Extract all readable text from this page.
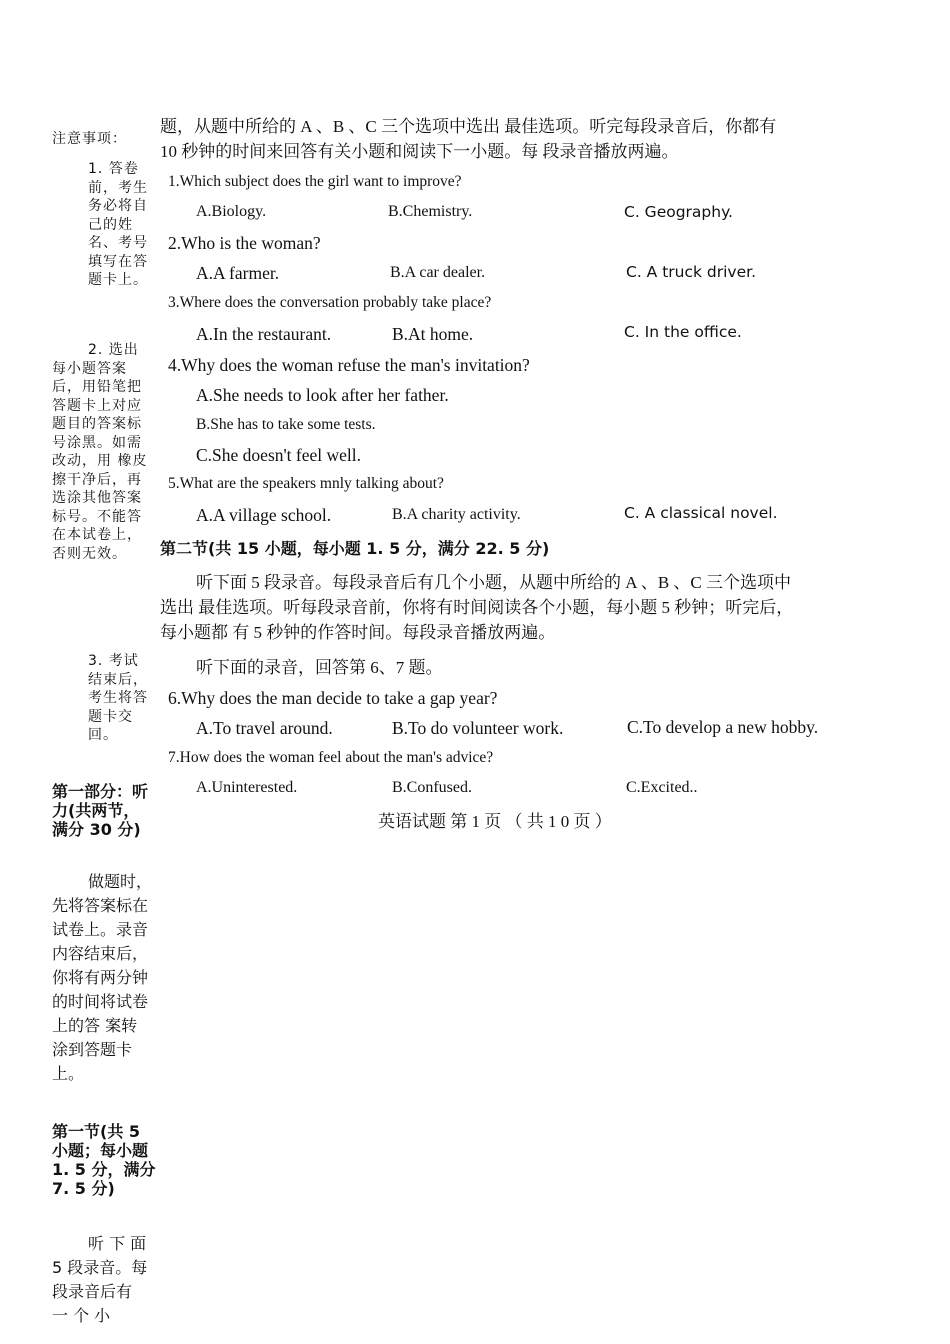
注意事项：
1. 答卷前，考生务必将自己的姓名、考号填写在答题卡上。
2. 选出每小题答案后，用铅笔把答题卡上对应题目的答案标号涂黑。如需改动，用 橡皮擦干净后，再选涂其他答案标号。不能答在本试卷上，否则无效。
3. 考试结束后，考生将答题卡交回。
第一部分：听力(共两节，满分 30 分)
做题时，先将答案标在试卷上。录音内容结束后，你将有两分钟的时间将试卷上的答 案转涂到答题卡上。
第一节(共 5 小题；每小题 1. 5 分，满分 7. 5 分)
听 下 面 5 段录音。每段录音后有 一 个 小
题，从题中所给的 A 、B 、C 三个选项中选出 最佳选项。听完每段录音后，你都有
10 秒钟的时间来回答有关小题和阅读下一小题。每 段录音播放两遍。
1.Which subject does the girl want to improve?
A.Biology.	B.Chemistry.	C. Geography.
2.Who is the woman?
A.A farmer.	B.A car dealer.	C. A truck driver.
3.Where does the conversation probably take place?
A.In the restaurant.	B.At home.	C. In the office.
4.Why does the woman refuse the man's invitation?
A.She needs to look after her father.
B.She has to take some tests.
C.She doesn't feel well.
5.What are the speakers mnly talking about?
A.A village school.	B.A charity activity.	C. A classical novel.
第二节(共 15 小题，每小题 1. 5 分，满分 22. 5 分)
听下面 5 段录音。每段录音后有几个小题，从题中所给的 A 、B 、C 三个选项中
选出 最佳选项。听每段录音前，你将有时间阅读各个小题，每小题 5 秒钟；听完后，
每小题都 有 5 秒钟的作答时间。每段录音播放两遍。
听下面的录音，回答第 6、7 题。
6.Why does the man decide to take a gap year?
A.To travel around.	B.To do volunteer work.	C.To develop a new hobby.
7.How does the woman feel about the man's advice?
A.Uninterested.	B.Confused.	C.Excited..
英语试题 第 1 页 （ 共 1 0 页 ）
